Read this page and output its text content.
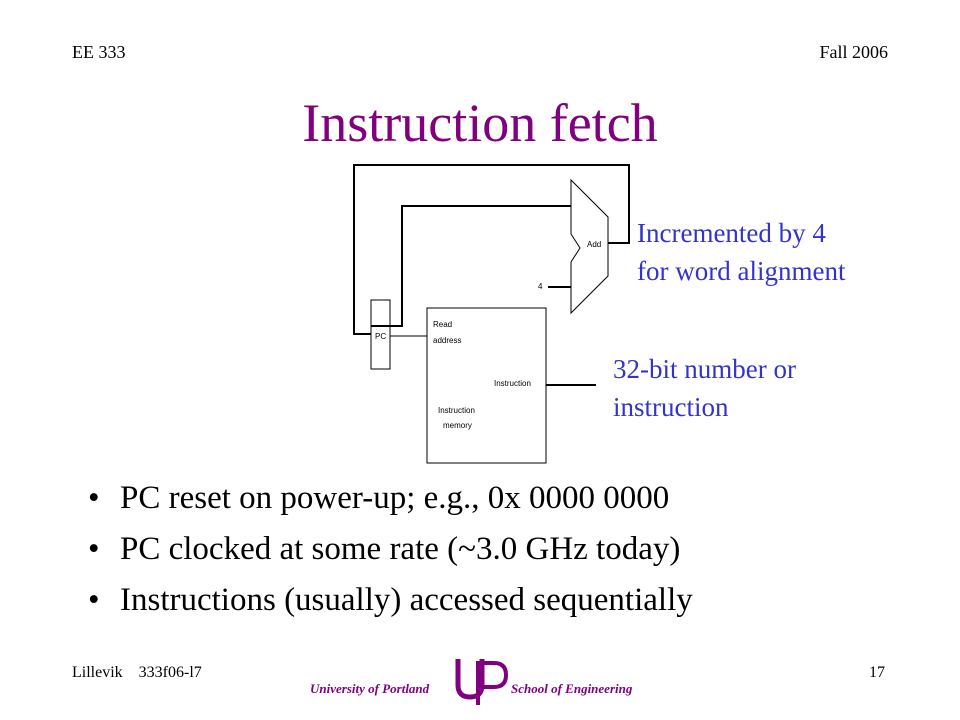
EE 333	Fall 2006
Instruction fetch
PC
Read
address
Instruction
Instruction
memory
Add
4
Incremented by 4
for word alignment
32-bit number or
instruction
• PC reset on power-up; e.g., 0x 0000 0000
• PC clocked at some rate (~3.0 GHz today)
• Instructions (usually) accessed sequentially
Lillevik    333f06-l7	17
University of Portland	School of Engineering
